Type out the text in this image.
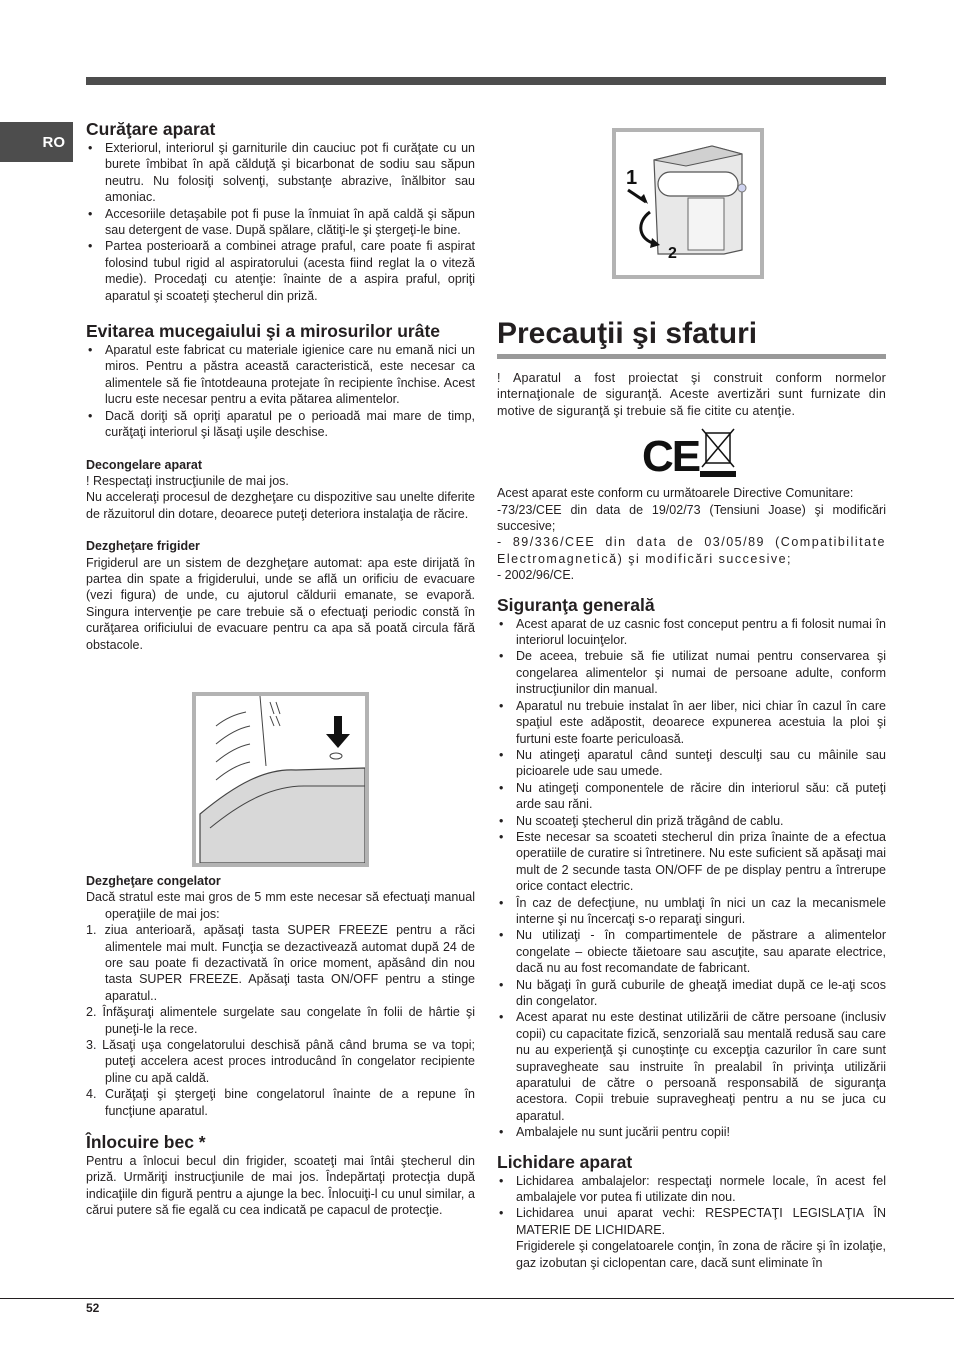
RO
Curăţare aparat
• Exteriorul, interiorul şi garniturile din cauciuc pot fi curăţate cu un burete îmbibat în apă călduţă şi bicarbonat de sodiu sau săpun neutru. Nu folosiţi solvenţi, substanţe abrazive, înălbitor sau amoniac.
• Accesoriile detaşabile pot fi puse la înmuiat în apă caldă şi săpun sau detergent de vase. După spălare, clătiţi-le şi ştergeţi-le bine.
• Partea posterioară a combinei atrage praful, care poate fi aspirat folosind tubul rigid al aspiratorului (acesta fiind reglat la o viteză medie). Procedaţi cu atenţie: înainte de a aspira praful, opriţi aparatul şi scoateţi ştecherul din priză.
Evitarea mucegaiului şi a mirosurilor urâte
• Aparatul este fabricat cu materiale igienice care nu emană nici un miros. Pentru a păstra această caracteristică, este necesar ca alimentele să fie întotdeauna protejate în recipiente închise. Acest lucru este necesar pentru a evita pătarea alimentelor.
• Dacă doriţi să opriţi aparatul pe o perioadă mai mare de timp, curăţaţi interiorul şi lăsaţi uşile deschise.
Decongelare aparat

! Respectaţi instrucţiunile de mai jos.

Nu acceleraţi procesul de dezgheţare cu dispozitive sau unelte diferite de răzuitorul din dotare, deoarece puteţi deteriora instalaţia de răcire.

Dezgheţare frigider

Frigiderul are un sistem de dezgheţare automat: apa este dirijată în partea din spate a frigiderului, unde se află un orificiu de evacuare (vezi figura) de unde, cu ajutorul căldurii emanate, se evaporă. Singura intervenţie pe care trebuie să o efectuaţi periodic constă în curăţarea orificiului de evacuare pentru ca apa să poată circula fără obstacole.

Dezgheţare congelator
Dacă stratul este mai gros de 5 mm este necesar să efectuaţi manual operaţiile de mai jos:
1. ziua anterioară, apăsaţi tasta SUPER FREEZE pentru a răci alimentele mai mult. Funcţia se dezactivează automat după 24 de ore sau poate fi dezactivată în orice moment, apăsând din nou tasta SUPER FREEZE. Apăsaţi tasta ON/OFF pentru a stinge aparatul..
2. Înfăşuraţi alimentele surgelate sau congelate în folii de hârtie şi puneţi-le la rece.
3. Lăsaţi uşa congelatorului deschisă până când bruma se va topi; puteţi accelera acest proces introducând în congelator recipiente pline cu apă caldă.
4. Curăţaţi şi ştergeţi bine congelatorul înainte de a repune în funcţiune aparatul.
Înlocuire bec *

Pentru a înlocui becul din frigider, scoateţi mai întâi ştecherul din priză. Urmăriţi instrucţiunile de mai jos. Îndepărtaţi protecţia după indicaţiile din figură pentru a ajunge la bec. Înlocuiţi-l cu unul similar, a cărui putere să fie egală cu cea indicată pe capacul de protecţie.

1
2
Precauţii şi sfaturi

! Aparatul a fost proiectat şi construit conform normelor internaţionale de siguranţă. Aceste avertizări sunt furnizate din motive de siguranţă şi trebuie să fie citite cu atenţie.

CE

Acest aparat este conform cu următoarele Directive Comunitare:

-73/23/CEE din data de 19/02/73 (Tensiuni Joase) şi modificări succesive;

- 89/336/CEE din data de 03/05/89 (Compatibilitate Electromagnetică) şi modificări succesive;

- 2002/96/CE.

Siguranţa generală
• Acest aparat de uz casnic fost conceput pentru a fi folosit numai în interiorul locuinţelor.
• De aceea, trebuie să fie utilizat numai pentru conservarea şi congelarea alimentelor şi numai de persoane adulte, conform instrucţiunilor din manual.
• Aparatul nu trebuie instalat în aer liber, nici chiar în cazul în care spaţiul este adăpostit, deoarece expunerea acestuia la ploi şi furtuni este foarte periculoasă.
• Nu atingeţi aparatul când sunteţi desculţi sau cu mâinile sau picioarele ude sau umede.
• Nu atingeţi componentele de răcire din interiorul său: că puteţi arde sau răni.
• Nu scoateţi ştecherul din priză trăgând de cablu.
• Este necesar sa scoateti stecherul din priza înainte de a efectua operatiile de curatire si întretinere. Nu este suficient să apăsaţi mai mult de 2 secunde tasta ON/OFF de pe display pentru a întrerupe orice contact electric.
• În caz de defecţiune, nu umblaţi în nici un caz la mecanismele interne şi nu încercaţi s-o reparaţi singuri.
• Nu utilizaţi - în compartimentele de păstrare a alimentelor congelate – obiecte tăietoare sau ascuţite, sau aparate electrice, dacă nu au fost recomandate de fabricant.
• Nu băgaţi în gură cuburile de gheaţă imediat după ce le-aţi scos din congelator.
• Acest aparat nu este destinat utilizării de către persoane (inclusiv copii) cu capacitate fizică, senzorială sau mentală redusă sau care nu au experienţă şi cunoştinţe cu excepţia cazurilor în care sunt supravegheate sau instruite în prealabil în privinţa utilizării aparatului de către o persoană responsabilă de siguranţa acestora. Copii trebuie supravegheaţi pentru a nu se juca cu aparatul.
• Ambalajele nu sunt jucării pentru copii!
Lichidare aparat
• Lichidarea ambalajelor: respectaţi normele locale, în acest fel ambalajele vor putea fi utilizate din nou.
• Lichidarea unui aparat vechi: RESPECTAŢI LEGISLAŢIA ÎN MATERIE DE LICHIDARE.

Frigiderele şi congelatoarele conţin, în zona de răcire şi în izolaţie, gaz izobutan şi ciclopentan care, dacă sunt eliminate în

52
